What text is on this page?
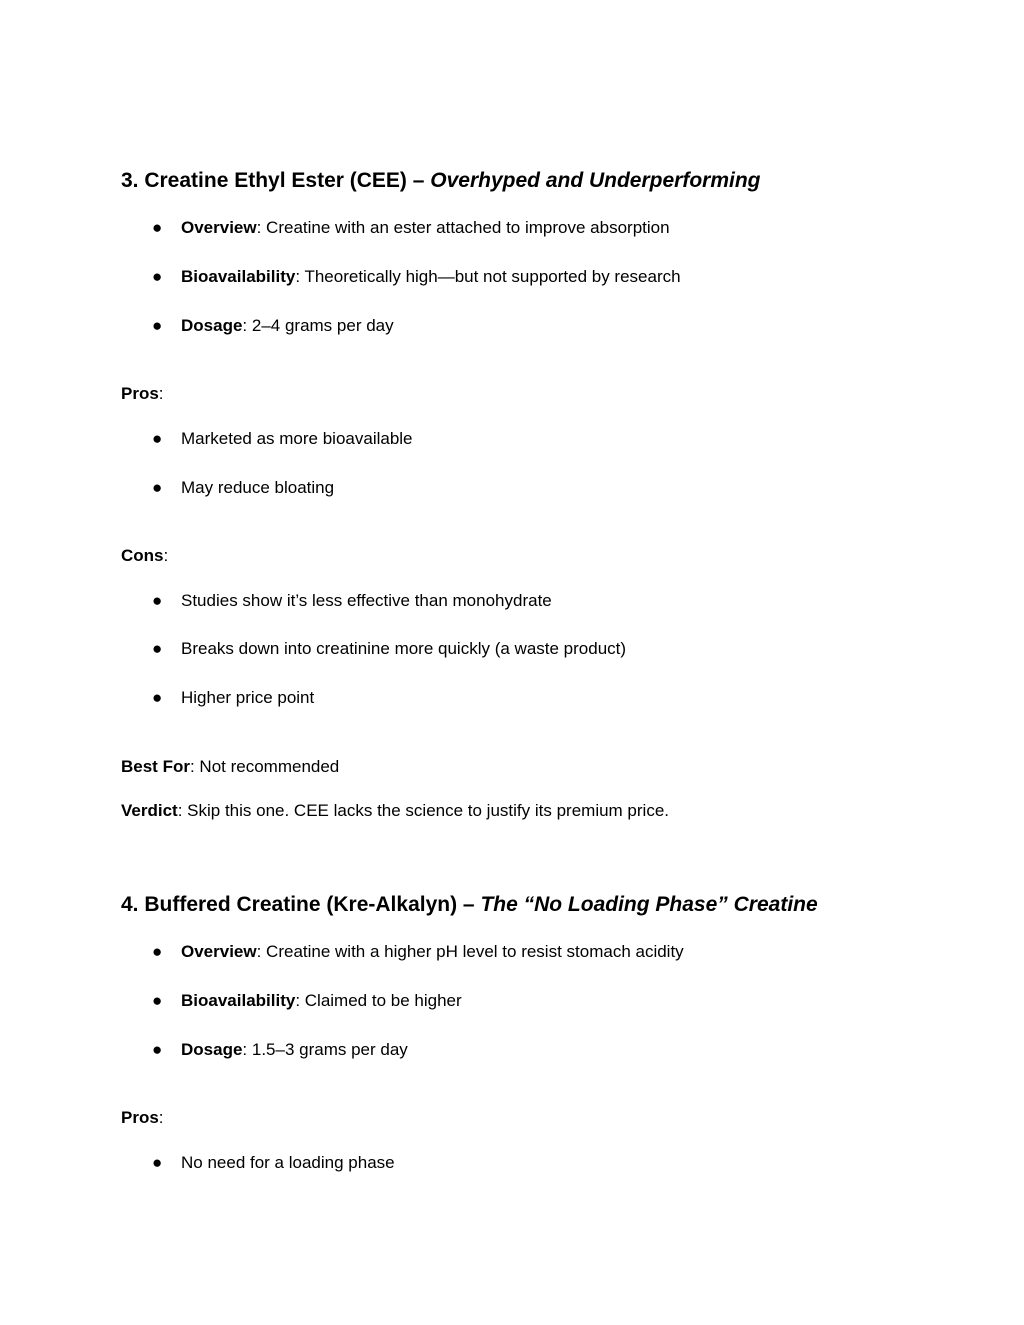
3. Creatine Ethyl Ester (CEE) – Overhyped and Underperforming
● Overview: Creatine with an ester attached to improve absorption
● Bioavailability: Theoretically high—but not supported by research
● Dosage: 2–4 grams per day
Pros:
● Marketed as more bioavailable
● May reduce bloating
Cons:
● Studies show it’s less effective than monohydrate
● Breaks down into creatinine more quickly (a waste product)
● Higher price point
Best For: Not recommended
Verdict: Skip this one. CEE lacks the science to justify its premium price.
4. Buffered Creatine (Kre-Alkalyn) – The “No Loading Phase” Creatine
● Overview: Creatine with a higher pH level to resist stomach acidity
● Bioavailability: Claimed to be higher
● Dosage: 1.5–3 grams per day
Pros:
● No need for a loading phase
